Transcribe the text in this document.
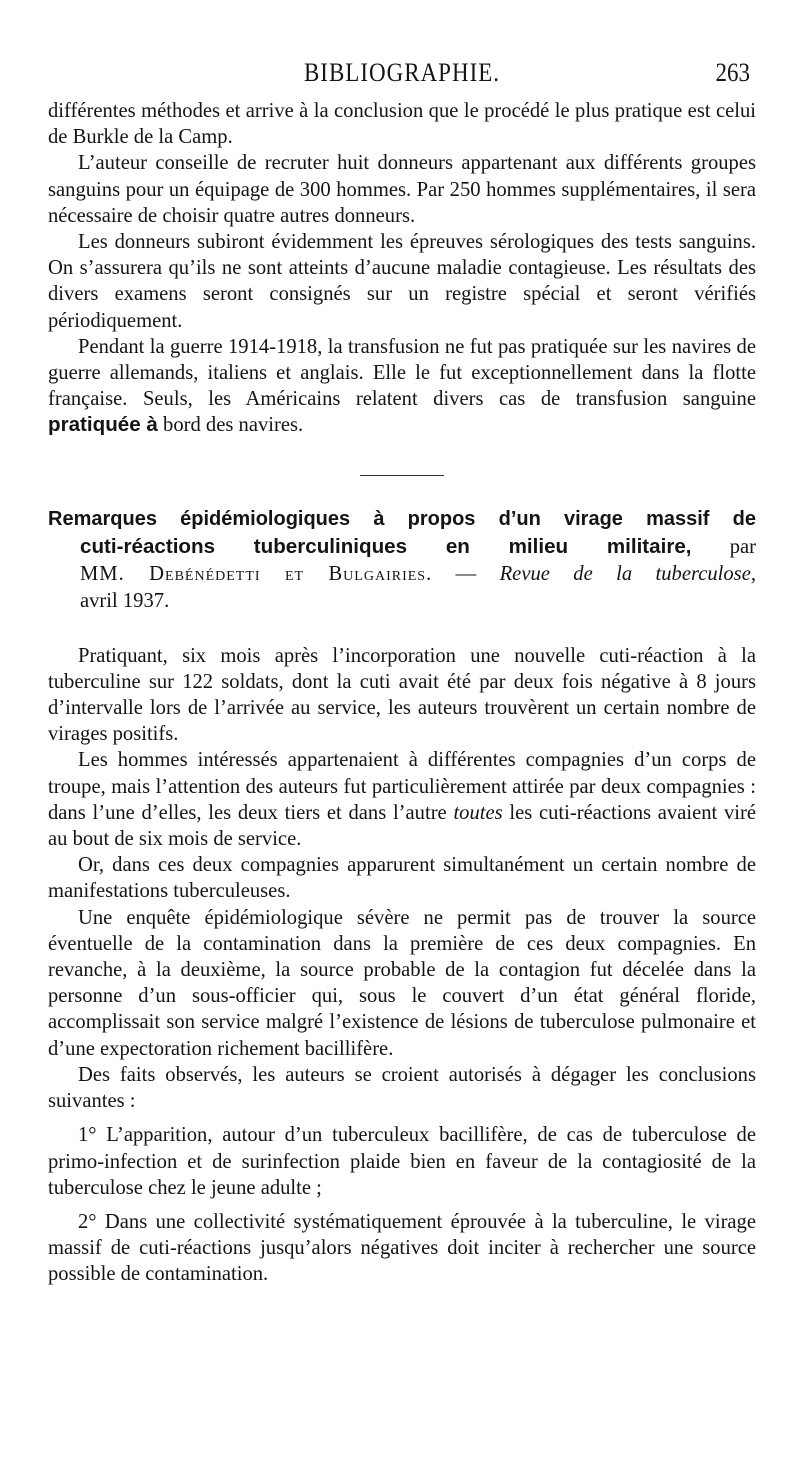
BIBLIOGRAPHIE.	263

différentes méthodes et arrive à la conclusion que le procédé le plus pratique est celui de Burkle de la Camp.

L’auteur conseille de recruter huit donneurs appartenant aux différents groupes sanguins pour un équipage de 300 hommes. Par 250 hommes supplémentaires, il sera nécessaire de choisir quatre autres donneurs.

Les donneurs subiront évidemment les épreuves sérologiques des tests sanguins. On s’assurera qu’ils ne sont atteints d’aucune maladie contagieuse. Les résultats des divers examens seront consignés sur un registre spécial et seront vérifiés périodiquement.

Pendant la guerre 1914-1918, la transfusion ne fut pas pratiquée sur les navires de guerre allemands, italiens et anglais. Elle le fut exceptionnellement dans la flotte française. Seuls, les Américains relatent divers cas de transfusion sanguine pratiquée à bord des navires.

Remarques épidémiologiques à propos d’un virage massif de
cuti-réactions tuberculiniques en milieu militaire, par
MM. Debénédetti et Bulgairies. — Revue de la tuberculose,
avril 1937.

Pratiquant, six mois après l’incorporation une nouvelle cuti-réaction à la tuberculine sur 122 soldats, dont la cuti avait été par deux fois négative à 8 jours d’intervalle lors de l’arrivée au service, les auteurs trouvèrent un certain nombre de virages positifs.

Les hommes intéressés appartenaient à différentes compagnies d’un corps de troupe, mais l’attention des auteurs fut particulièrement attirée par deux compagnies : dans l’une d’elles, les deux tiers et dans l’autre toutes les cuti-réactions avaient viré au bout de six mois de service.

Or, dans ces deux compagnies apparurent simultanément un certain nombre de manifestations tuberculeuses.

Une enquête épidémiologique sévère ne permit pas de trouver la source éventuelle de la contamination dans la première de ces deux compagnies. En revanche, à la deuxième, la source probable de la contagion fut décelée dans la personne d’un sous-officier qui, sous le couvert d’un état général floride, accomplissait son service malgré l’existence de lésions de tuberculose pulmonaire et d’une expectoration richement bacillifère.

Des faits observés, les auteurs se croient autorisés à dégager les conclusions suivantes :

1° L’apparition, autour d’un tuberculeux bacillifère, de cas de tuberculose de primo-infection et de surinfection plaide bien en faveur de la contagiosité de la tuberculose chez le jeune adulte ;

2° Dans une collectivité systématiquement éprouvée à la tuberculine, le virage massif de cuti-réactions jusqu’alors négatives doit inciter à rechercher une source possible de contamination.
